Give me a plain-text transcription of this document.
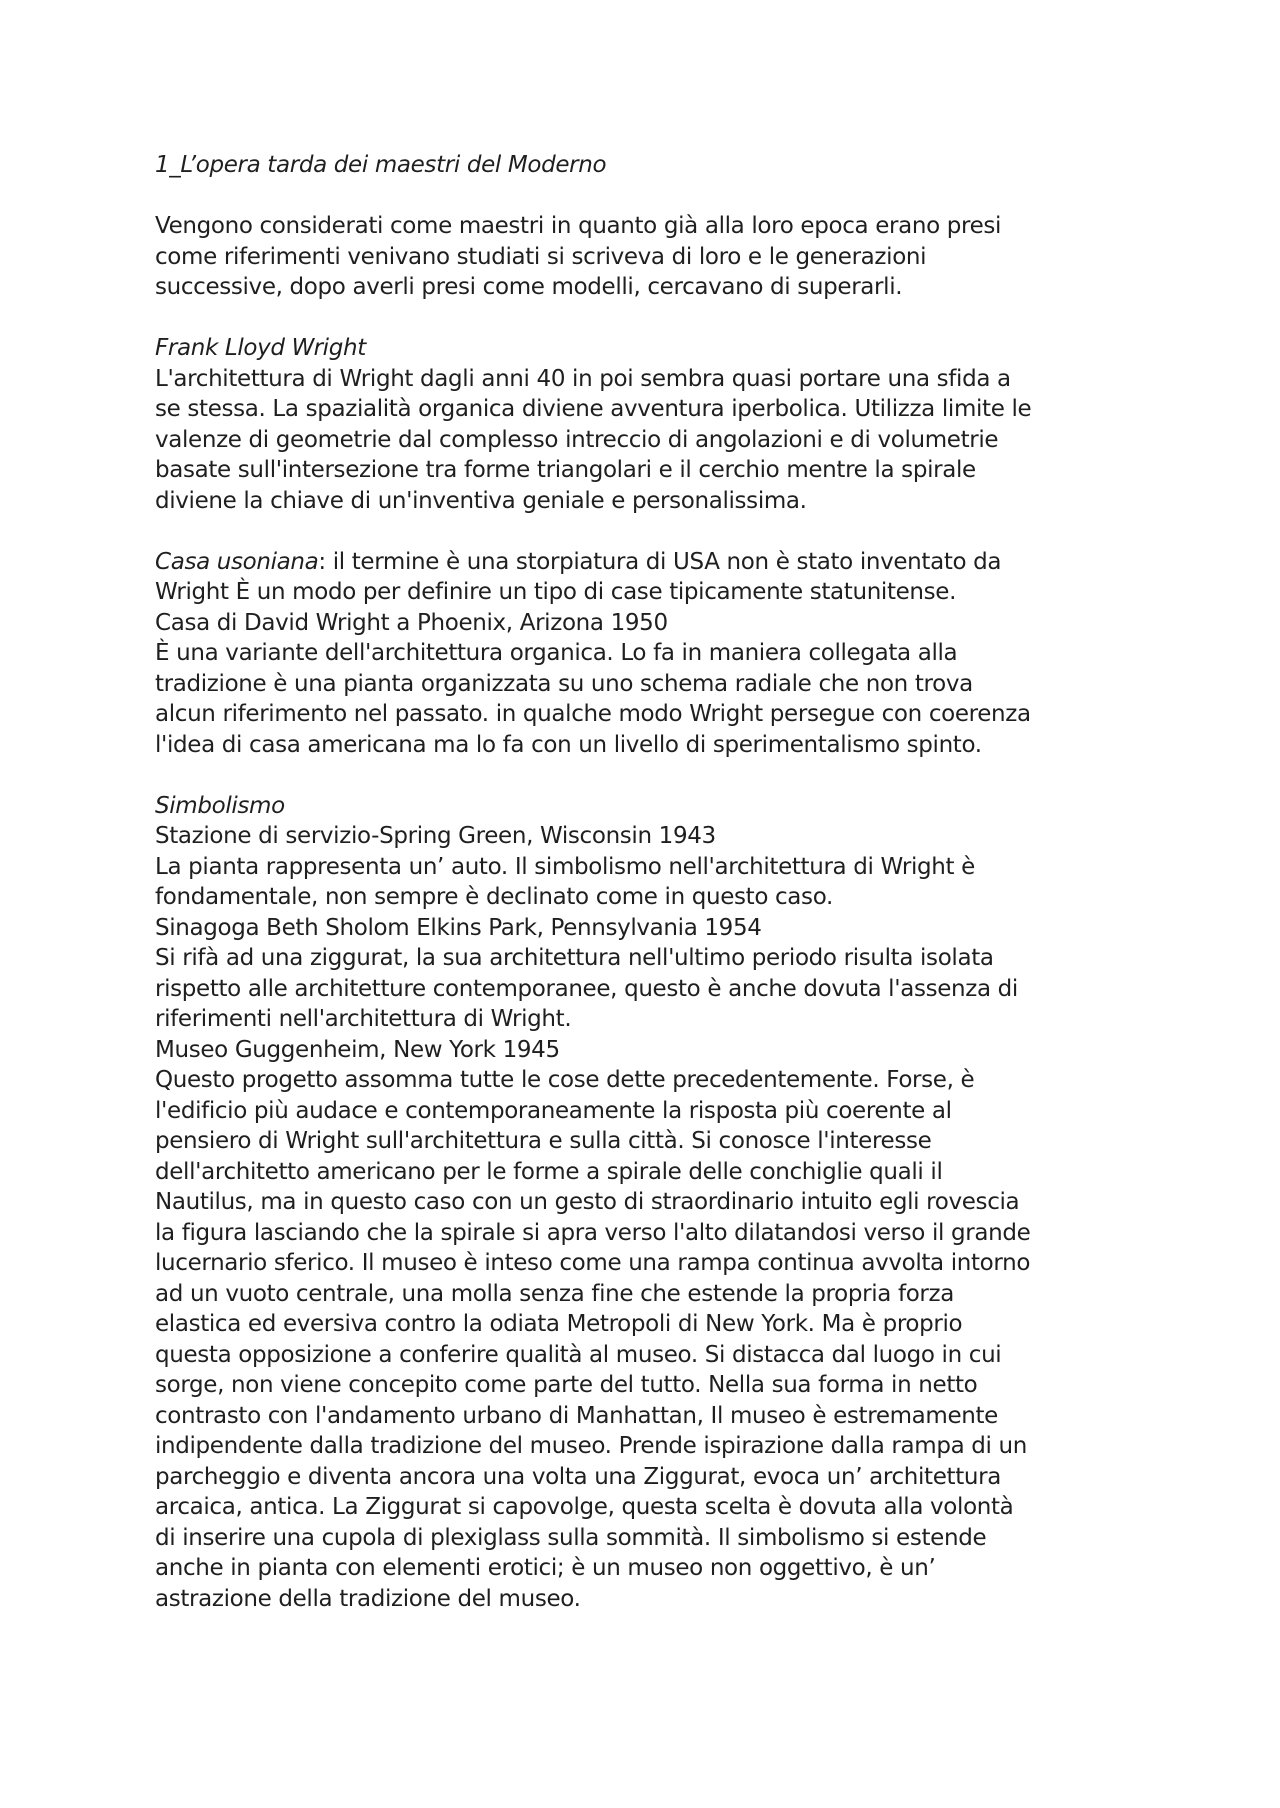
1_L’opera tarda dei maestri del Moderno
Vengono considerati come maestri in quanto già alla loro epoca erano presi
come riferimenti venivano studiati si scriveva di loro e le generazioni
successive, dopo averli presi come modelli, cercavano di superarli.
Frank Lloyd Wright
L'architettura di Wright dagli anni 40 in poi sembra quasi portare una sfida a
se stessa. La spazialità organica diviene avventura iperbolica. Utilizza limite le
valenze di geometrie dal complesso intreccio di angolazioni e di volumetrie
basate sull'intersezione tra forme triangolari e il cerchio mentre la spirale
diviene la chiave di un'inventiva geniale e personalissima.
Casa usoniana: il termine è una storpiatura di USA non è stato inventato da
Wright È un modo per definire un tipo di case tipicamente statunitense.
Casa di David Wright a Phoenix, Arizona 1950
È una variante dell'architettura organica. Lo fa in maniera collegata alla
tradizione è una pianta organizzata su uno schema radiale che non trova
alcun riferimento nel passato. in qualche modo Wright persegue con coerenza
l'idea di casa americana ma lo fa con un livello di sperimentalismo spinto.
Simbolismo
Stazione di servizio-Spring Green, Wisconsin 1943
La pianta rappresenta un’ auto. Il simbolismo nell'architettura di Wright è
fondamentale, non sempre è declinato come in questo caso.
Sinagoga Beth Sholom Elkins Park, Pennsylvania 1954
Si rifà ad una ziggurat, la sua architettura nell'ultimo periodo risulta isolata
rispetto alle architetture contemporanee, questo è anche dovuta l'assenza di
riferimenti nell'architettura di Wright.
Museo Guggenheim, New York 1945
Questo progetto assomma tutte le cose dette precedentemente. Forse, è
l'edificio più audace e contemporaneamente la risposta più coerente al
pensiero di Wright sull'architettura e sulla città. Si conosce l'interesse
dell'architetto americano per le forme a spirale delle conchiglie quali il
Nautilus, ma in questo caso con un gesto di straordinario intuito egli rovescia
la figura lasciando che la spirale si apra verso l'alto dilatandosi verso il grande
lucernario sferico. Il museo è inteso come una rampa continua avvolta intorno
ad un vuoto centrale, una molla senza fine che estende la propria forza
elastica ed eversiva contro la odiata Metropoli di New York. Ma è proprio
questa opposizione a conferire qualità al museo. Si distacca dal luogo in cui
sorge, non viene concepito come parte del tutto. Nella sua forma in netto
contrasto con l'andamento urbano di Manhattan, Il museo è estremamente
indipendente dalla tradizione del museo. Prende ispirazione dalla rampa di un
parcheggio e diventa ancora una volta una Ziggurat, evoca un’ architettura
arcaica, antica. La Ziggurat si capovolge, questa scelta è dovuta alla volontà
di inserire una cupola di plexiglass sulla sommità. Il simbolismo si estende
anche in pianta con elementi erotici; è un museo non oggettivo, è un’
astrazione della tradizione del museo.
